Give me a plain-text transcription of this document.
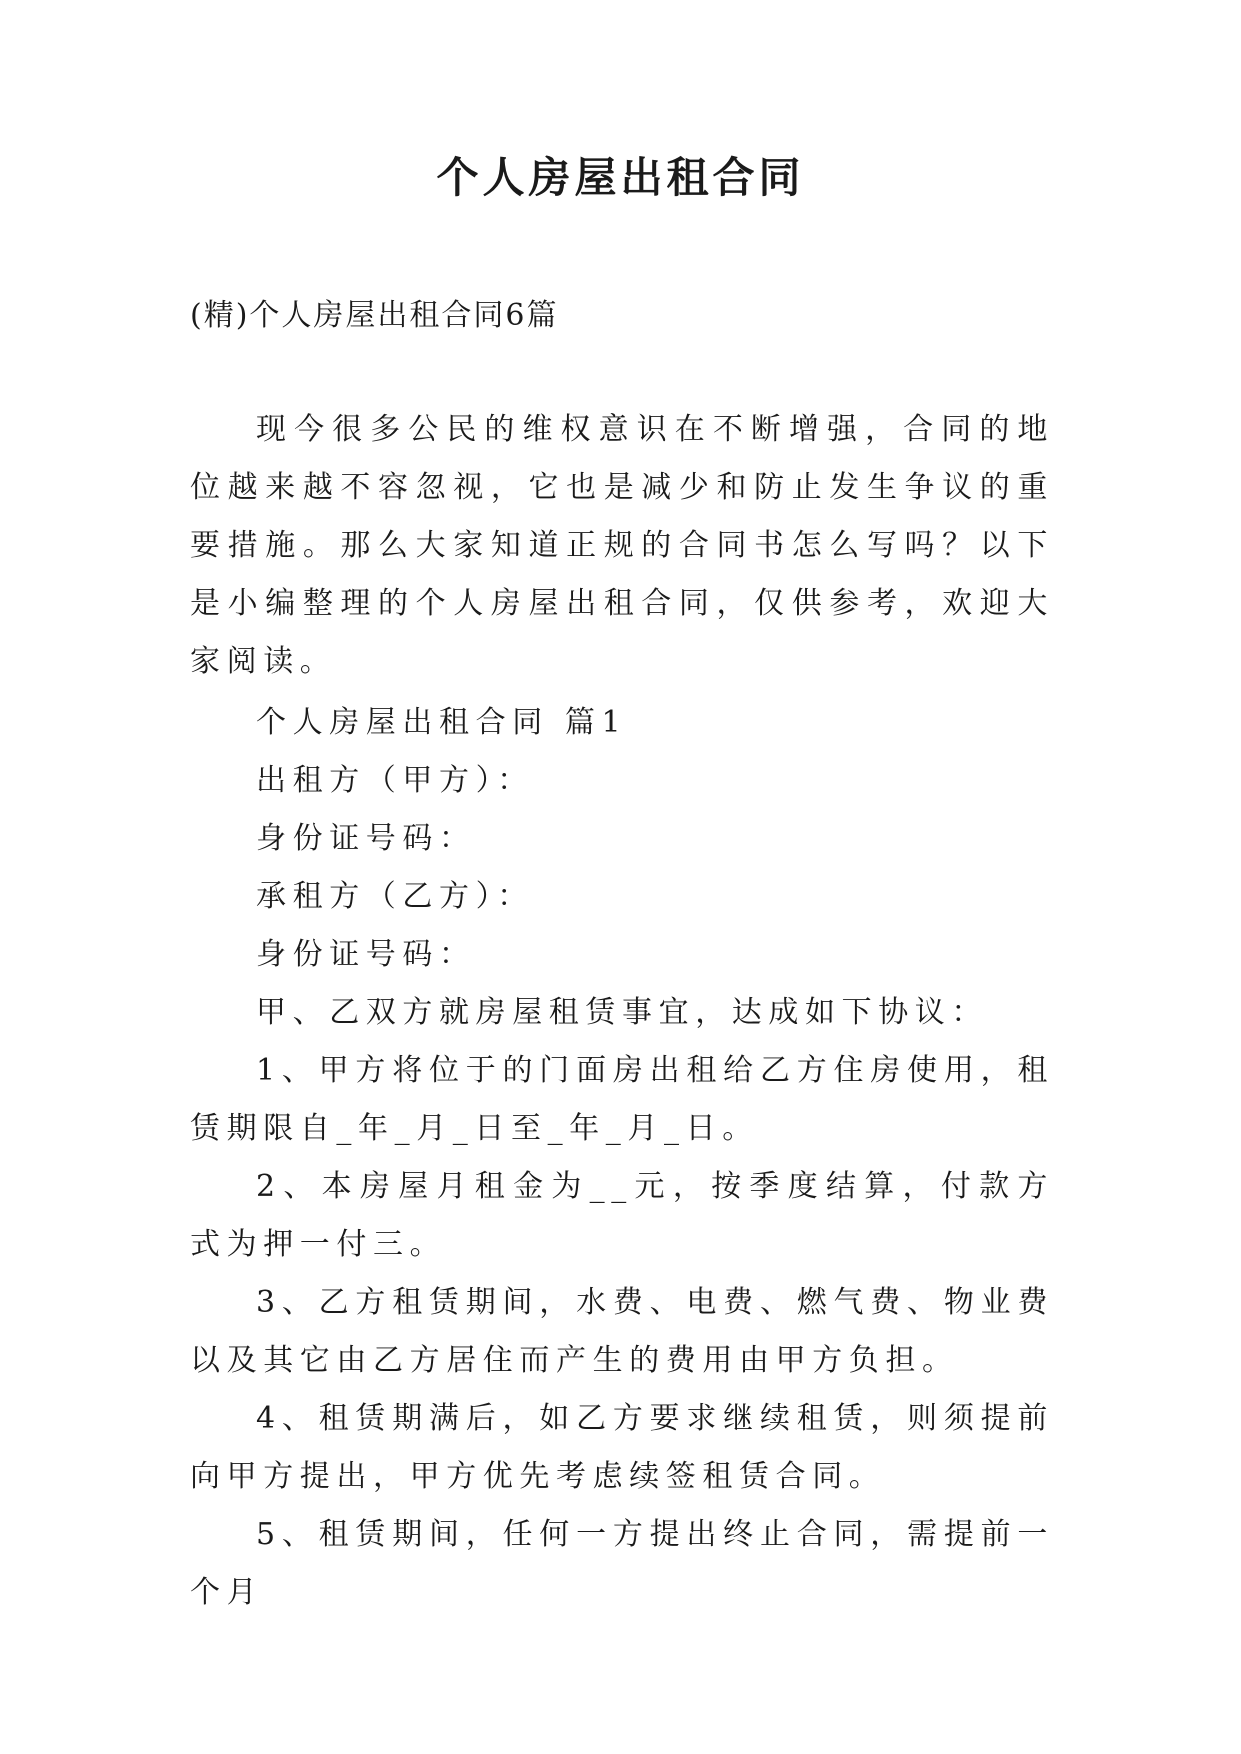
个人房屋出租合同

(精)个人房屋出租合同6篇

现今很多公民的维权意识在不断增强，合同的地位越来越不容忽视，它也是减少和防止发生争议的重要措施。那么大家知道正规的合同书怎么写吗？以下是小编整理的个人房屋出租合同，仅供参考，欢迎大家阅读。

个人房屋出租合同 篇1

出租方（甲方）：

身份证号码：

承租方（乙方）：

身份证号码：

甲、乙双方就房屋租赁事宜，达成如下协议：

1、甲方将位于的门面房出租给乙方住房使用，租赁期限自_年_月_日至_年_月_日。

2、本房屋月租金为__元，按季度结算，付款方式为押一付三。

3、乙方租赁期间，水费、电费、燃气费、物业费以及其它由乙方居住而产生的费用由甲方负担。

4、租赁期满后，如乙方要求继续租赁，则须提前向甲方提出，甲方优先考虑续签租赁合同。

5、租赁期间，任何一方提出终止合同，需提前一个月
